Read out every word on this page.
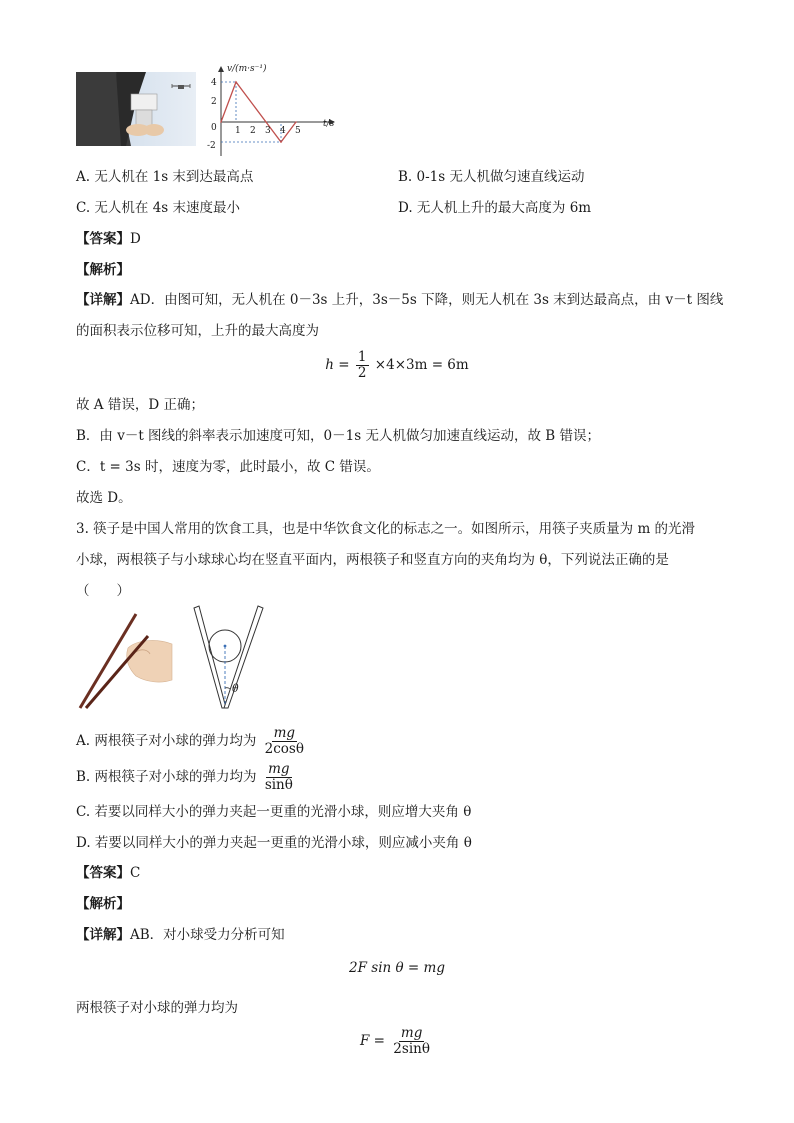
v/(m·s⁻¹)
t/s
4
2
0
-2
1 2 3 4 5
A. 无人机在 1s 末到达最高点	B. 0-1s 无人机做匀速直线运动
C. 无人机在 4s 末速度最小	D. 无人机上升的最大高度为 6m
【答案】D
【解析】
【详解】AD．由图可知，无人机在 0－3s 上升，3s－5s 下降，则无人机在 3s 末到达最高点，由 v－t 图线
的面积表示位移可知，上升的最大高度为
$h = \frac{1}{2} \times 4\times 3m = 6m$
故 A 错误，D 正确；
B．由 v－t 图线的斜率表示加速度可知，0－1s 无人机做匀加速直线运动，故 B 错误；
C．t = 3s 时，速度为零，此时最小，故 C 错误。
故选 D。
3. 筷子是中国人常用的饮食工具，也是中华饮食文化的标志之一。如图所示，用筷子夹质量为 m 的光滑
小球，两根筷子与小球球心均在竖直平面内，两根筷子和竖直方向的夹角均为 θ，下列说法正确的是
（　　）
θ
A. 两根筷子对小球的弹力均为 $\frac{mg}{2\cos\theta}$
B. 两根筷子对小球的弹力均为 $\frac{mg}{\sin\theta}$
C. 若要以同样大小的弹力夹起一更重的光滑小球，则应增大夹角 θ
D. 若要以同样大小的弹力夹起一更重的光滑小球，则应减小夹角 θ
【答案】C
【解析】
【详解】AB．对小球受力分析可知
2F sin θ = mg
两根筷子对小球的弹力均为
$F = \frac{mg}{2\sin\theta}$
